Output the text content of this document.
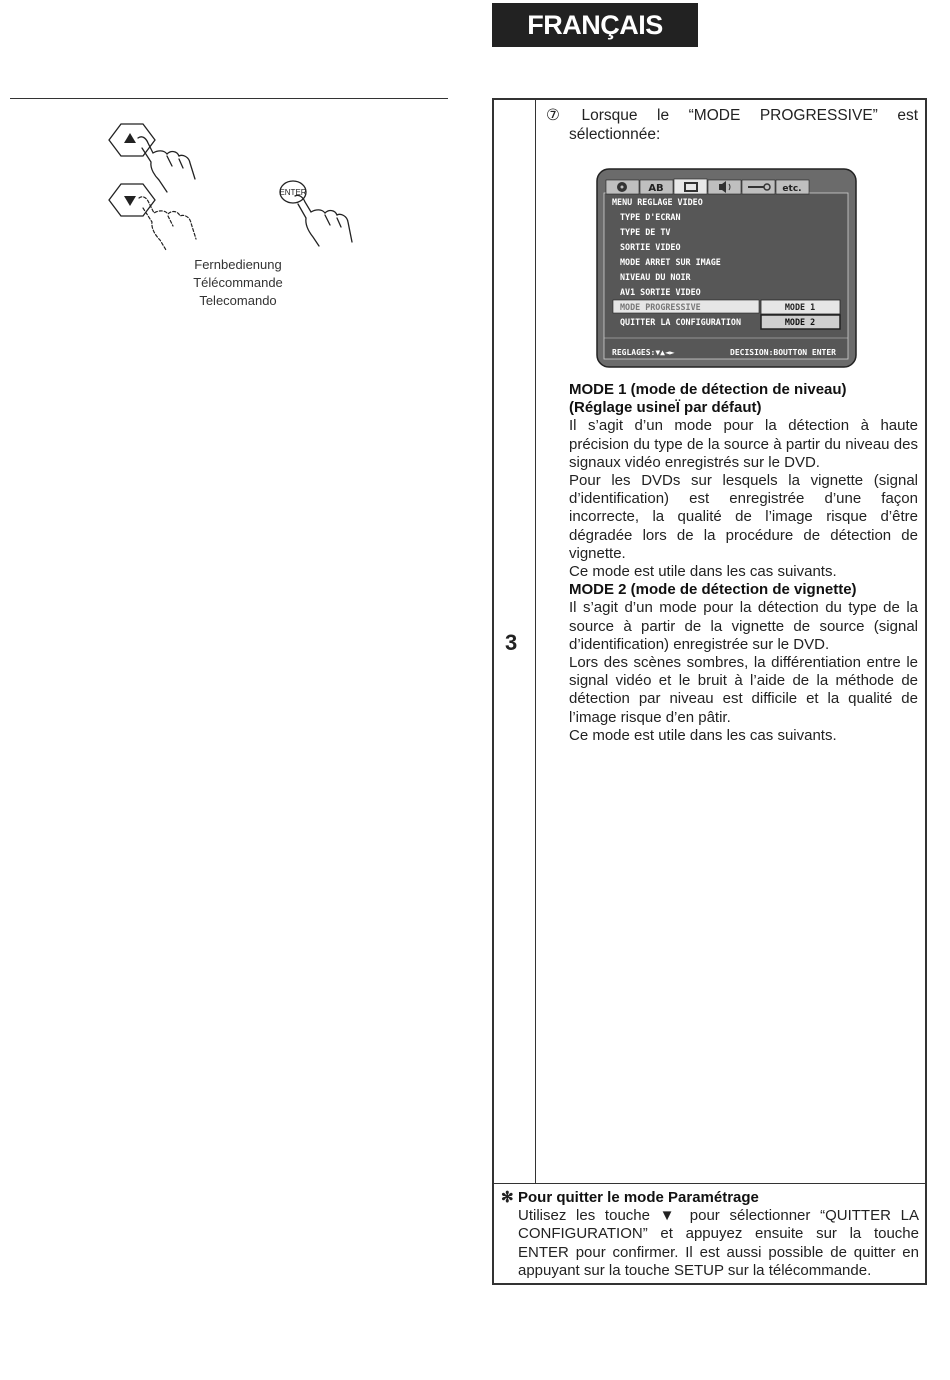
FRANÇAIS
ENTER
Fernbedienung
Télécommande
Telecomando
3
⑦ Lorsque le “MODE PROGRESSIVE” est
sélectionnée:
AB	etc.
MENU REGLAGE VIDEO
TYPE D'ECRAN
TYPE DE TV
SORTIE VIDEO
MODE ARRET SUR IMAGE
NIVEAU DU NOIR
AV1 SORTIE VIDEO
MODE PROGRESSIVE
QUITTER LA CONFIGURATION
MODE 1
MODE 2
REGLAGES:▼▲◄►	DECISION:BOUTTON ENTER

MODE 1 (mode de détection de niveau)

(Réglage usineÏ par défaut)

Il s’agit d’un mode pour la détection à haute précision du type de la source à partir du niveau des signaux vidéo enregistrés sur le DVD.

Pour les DVDs sur lesquels la vignette (signal d’identification) est enregistrée d’une façon incorrecte, la qualité de l’image risque d’être dégradée lors de la procédure de détection de vignette.

Ce mode est utile dans les cas suivants.

MODE 2 (mode de détection de vignette)

Il s’agit d’un mode pour la détection du type de la source à partir de la vignette de source (signal d’identification) enregistrée sur le DVD.

Lors des scènes sombres, la différentiation entre le signal vidéo et le bruit à l’aide de la méthode de détection par niveau est difficile et la qualité de l’image risque d’en pâtir.

Ce mode est utile dans les cas suivants.

✻ Pour quitter le mode Paramétrage
Utilisez les touche ▼ pour sélectionner “QUITTER LA CONFIGURATION” et appuyez ensuite sur la touche ENTER pour confirmer. Il est aussi possible de quitter en appuyant sur la touche SETUP sur la télécommande.
